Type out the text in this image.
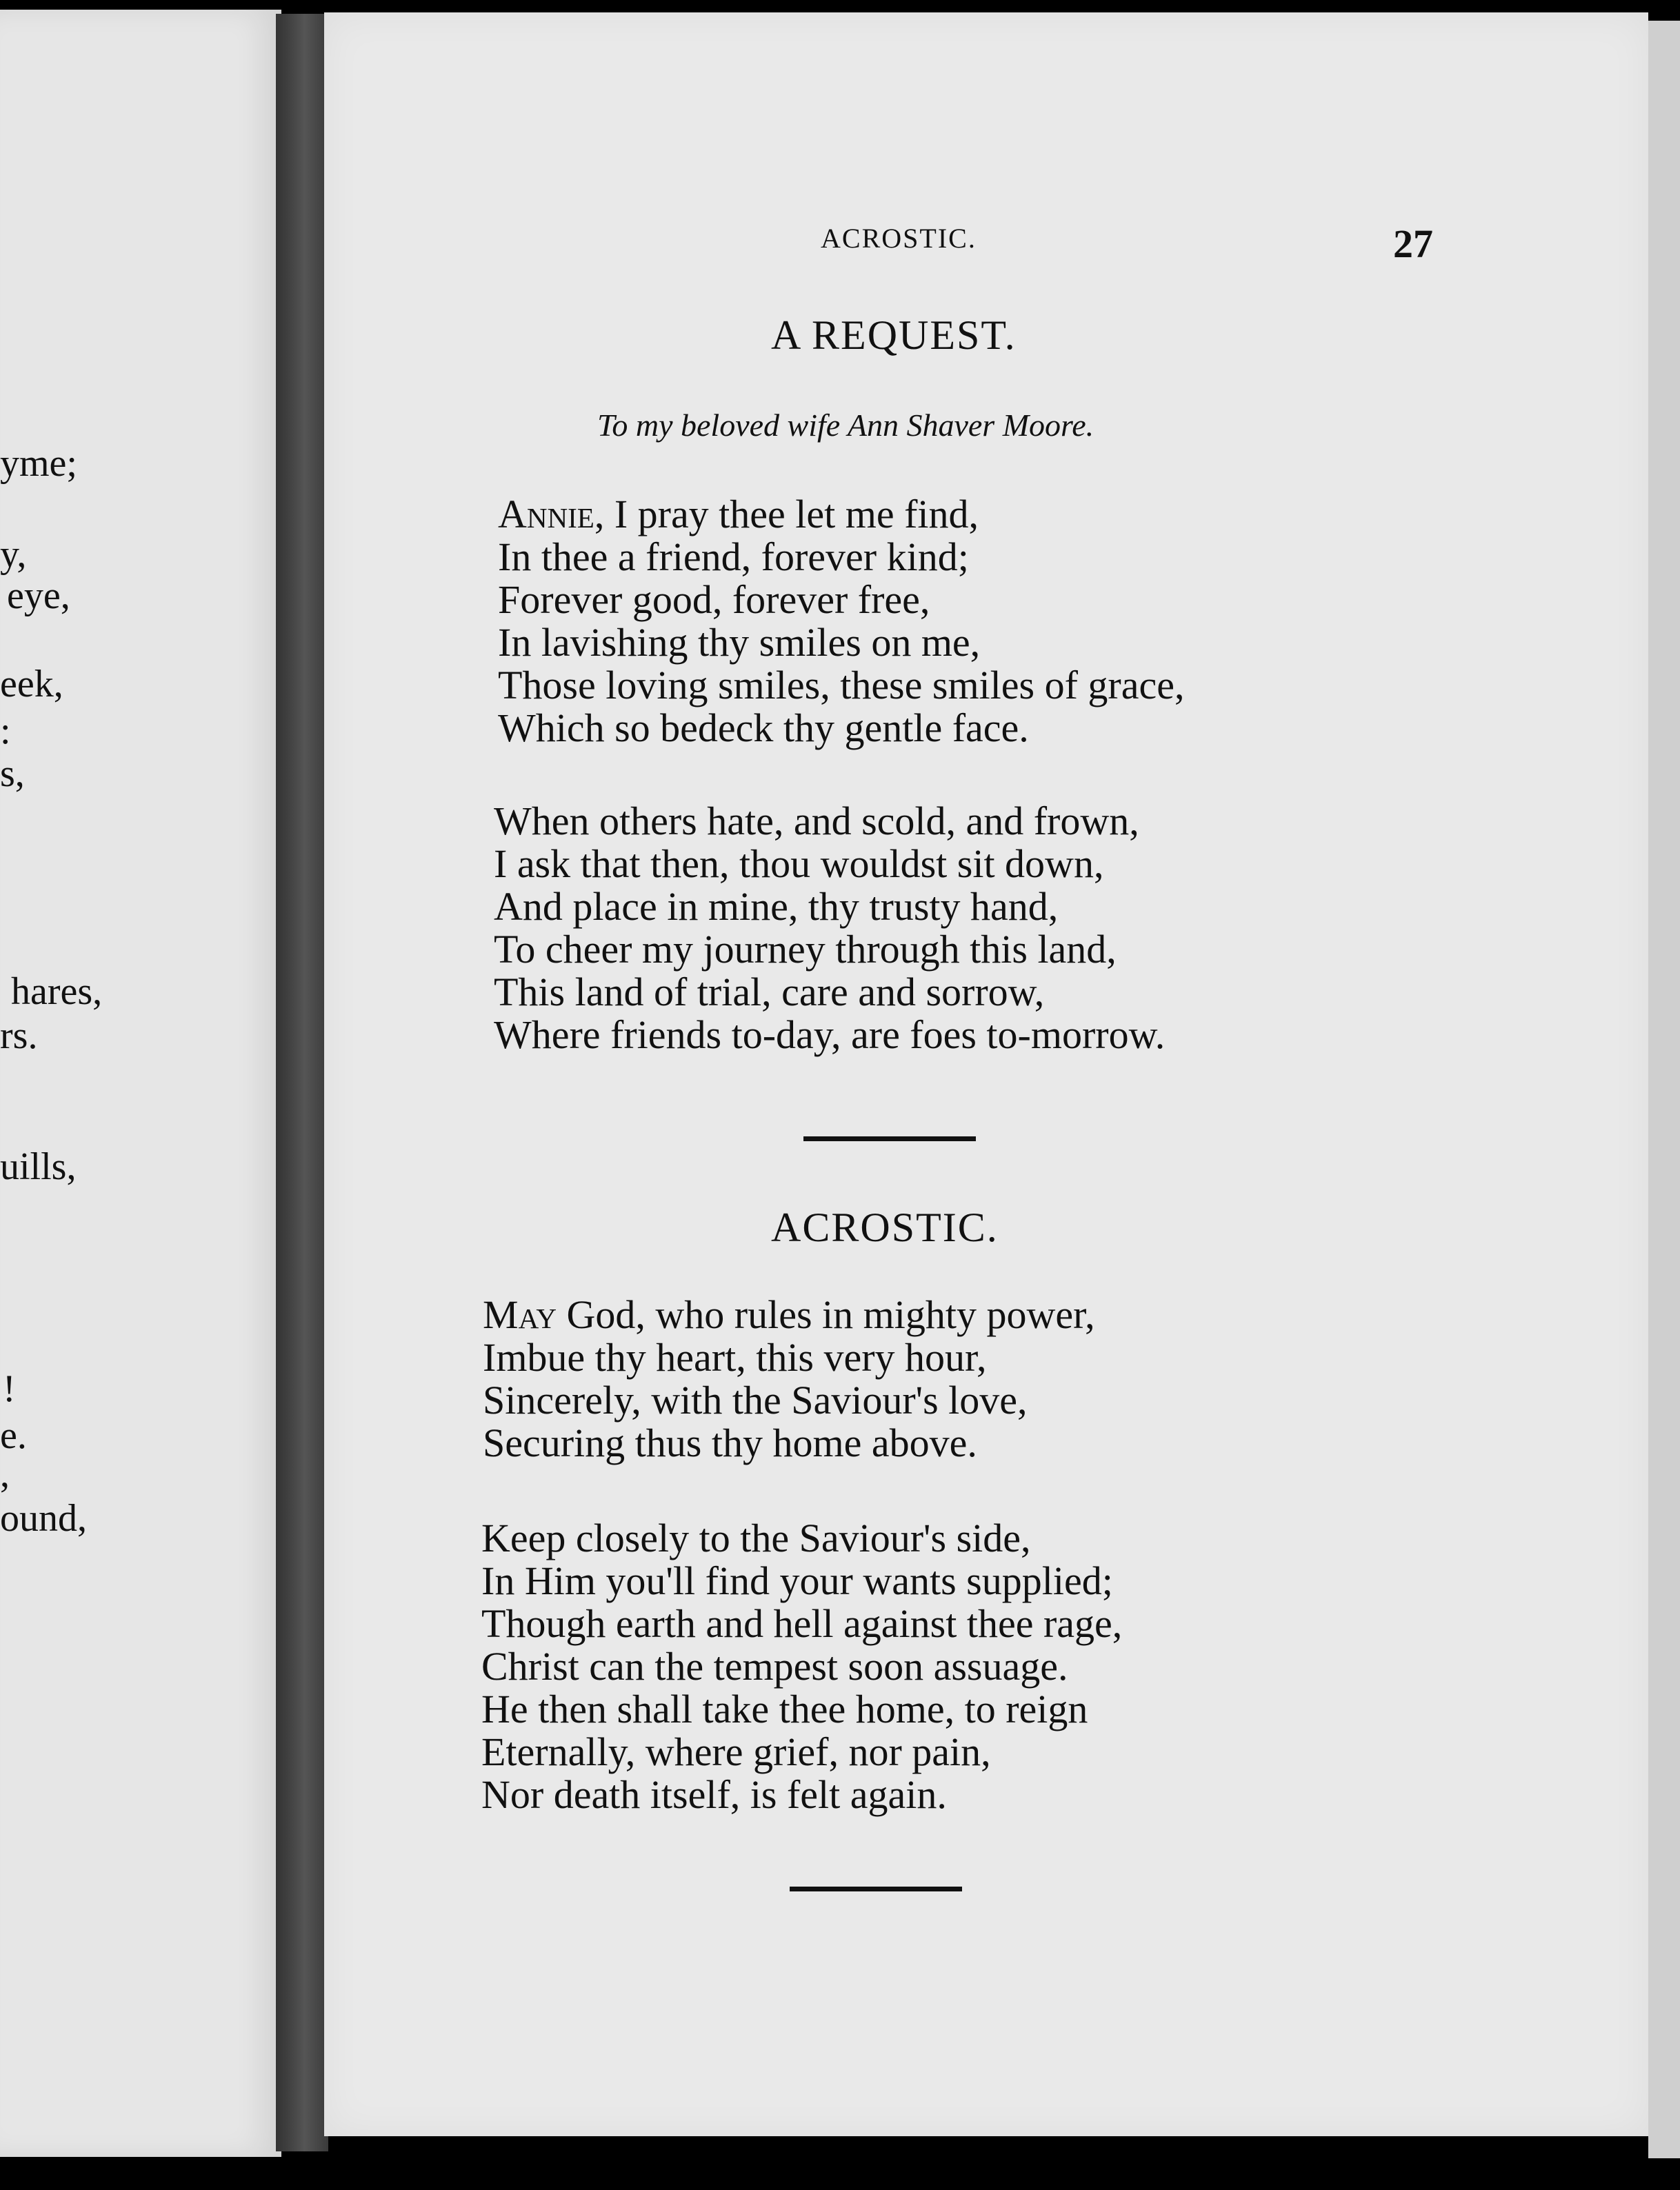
yme;
y,
eye,
eek,
:
s,
hares,
rs.
uills,
!
e.
,
ound,
ACROSTIC.	27
A REQUEST.
To my beloved wife Ann Shaver Moore.
Annie, I pray thee let me find,
In thee a friend, forever kind;
Forever good, forever free,
In lavishing thy smiles on me,
Those loving smiles, these smiles of grace,
Which so bedeck thy gentle face.
When others hate, and scold, and frown,
I ask that then, thou wouldst sit down,
And place in mine, thy trusty hand,
To cheer my journey through this land,
This land of trial, care and sorrow,
Where friends to-day, are foes to-morrow.
ACROSTIC.
May God, who rules in mighty power,
Imbue thy heart, this very hour,
Sincerely, with the Saviour's love,
Securing thus thy home above.
Keep closely to the Saviour's side,
In Him you'll find your wants supplied;
Though earth and hell against thee rage,
Christ can the tempest soon assuage.
He then shall take thee home, to reign
Eternally, where grief, nor pain,
Nor death itself, is felt again.
